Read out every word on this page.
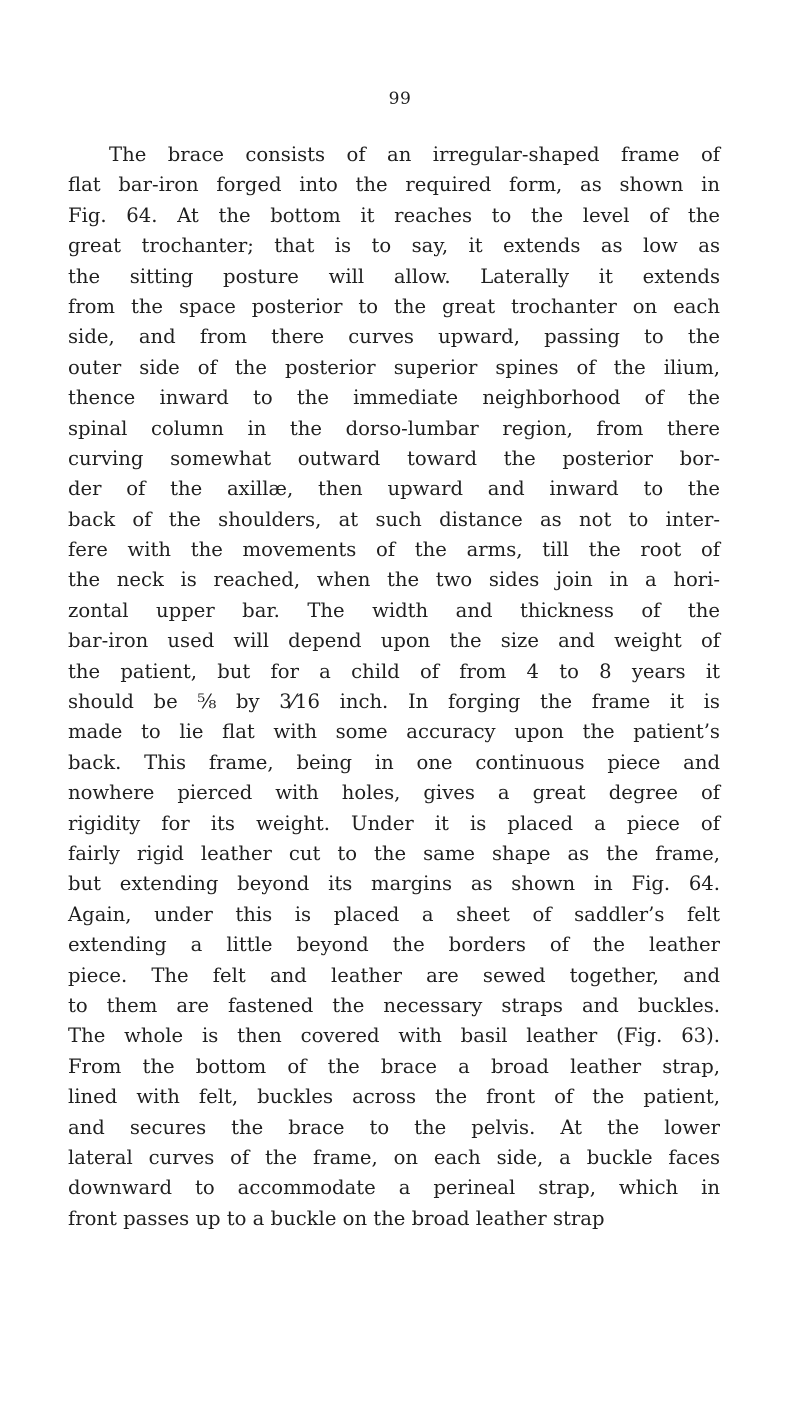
99
The brace consists of an irregular-shaped frame of
flat bar-iron forged into the required form, as shown in
Fig. 64. At the bottom it reaches to the level of the
great trochanter; that is to say, it extends as low as
the sitting posture will allow. Laterally it extends
from the space posterior to the great trochanter on each
side, and from there curves upward, passing to the
outer side of the posterior superior spines of the ilium,
thence inward to the immediate neighborhood of the
spinal column in the dorso-lumbar region, from there
curving somewhat outward toward the posterior bor-
der of the axillæ, then upward and inward to the
back of the shoulders, at such distance as not to inter-
fere with the movements of the arms, till the root of
the neck is reached, when the two sides join in a hori-
zontal upper bar. The width and thickness of the
bar-iron used will depend upon the size and weight of
the patient, but for a child of from 4 to 8 years it
should be ⅝ by 3⁄16 inch. In forging the frame it is
made to lie flat with some accuracy upon the patient’s
back. This frame, being in one continuous piece and
nowhere pierced with holes, gives a great degree of
rigidity for its weight. Under it is placed a piece of
fairly rigid leather cut to the same shape as the frame,
but extending beyond its margins as shown in Fig. 64.
Again, under this is placed a sheet of saddler’s felt
extending a little beyond the borders of the leather
piece. The felt and leather are sewed together, and
to them are fastened the necessary straps and buckles.
The whole is then covered with basil leather (Fig. 63).
From the bottom of the brace a broad leather strap,
lined with felt, buckles across the front of the patient,
and secures the brace to the pelvis. At the lower
lateral curves of the frame, on each side, a buckle faces
downward to accommodate a perineal strap, which in
front passes up to a buckle on the broad leather strap
